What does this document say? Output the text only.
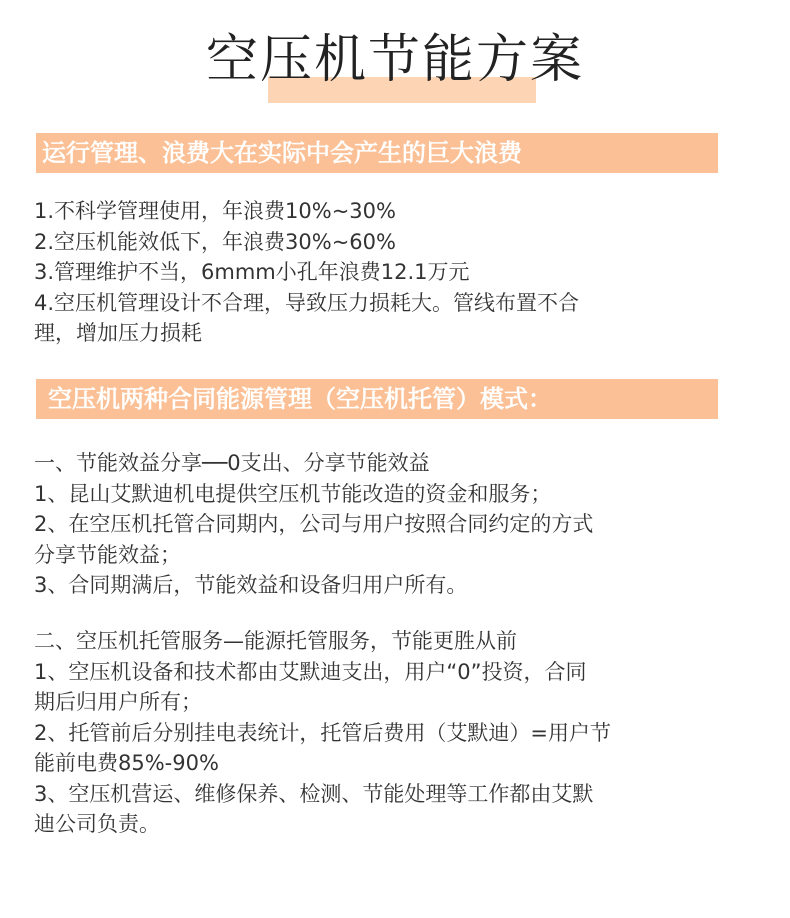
空压机节能方案
运行管理、浪费大在实际中会产生的巨大浪费
1.不科学管理使用，年浪费10%~30%
2.空压机能效低下，年浪费30%~60%
3.管理维护不当，6mmm小孔年浪费12.1万元
4.空压机管理设计不合理，导致压力损耗大。管线布置不合
理，增加压力损耗
空压机两种合同能源管理（空压机托管）模式：
一、节能效益分享──0支出、分享节能效益
1、昆山艾默迪机电提供空压机节能改造的资金和服务；
2、在空压机托管合同期内，公司与用户按照合同约定的方式
分享节能效益；
3、合同期满后，节能效益和设备归用户所有。
二、空压机托管服务—能源托管服务，节能更胜从前
1、空压机设备和技术都由艾默迪支出，用户“0”投资，合同
期后归用户所有；
2、托管前后分别挂电表统计，托管后费用（艾默迪）=用户节
能前电费85%-90%
3、空压机营运、维修保养、检测、节能处理等工作都由艾默
迪公司负责。
